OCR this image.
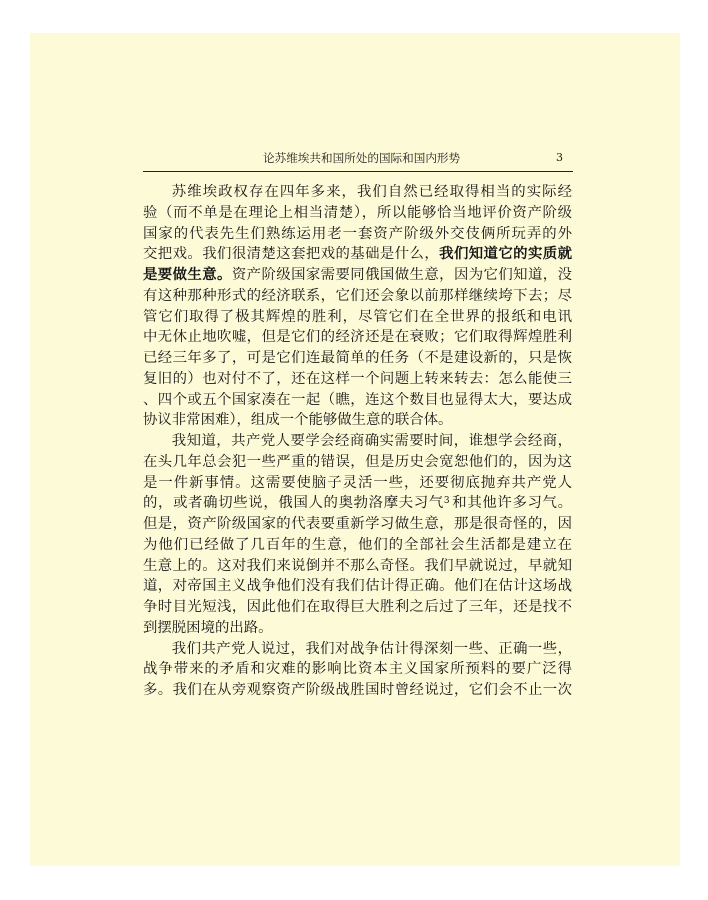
论苏维埃共和国所处的国际和国内形势	3
苏维埃政权存在四年多来，我们自然已经取得相当的实际经
验（而不单是在理论上相当清楚），所以能够恰当地评价资产阶级
国家的代表先生们熟练运用老一套资产阶级外交伎俩所玩弄的外
交把戏。我们很清楚这套把戏的基础是什么，我们知道它的实质就
是要做生意。资产阶级国家需要同俄国做生意，因为它们知道，没
有这种那种形式的经济联系，它们还会象以前那样继续垮下去；尽
管它们取得了极其辉煌的胜利，尽管它们在全世界的报纸和电讯
中无休止地吹嘘，但是它们的经济还是在衰败；它们取得辉煌胜利
已经三年多了，可是它们连最简单的任务（不是建设新的，只是恢
复旧的）也对付不了，还在这样一个问题上转来转去：怎么能使三
、四个或五个国家凑在一起（瞧，连这个数目也显得太大，要达成
协议非常困难），组成一个能够做生意的联合体。
我知道，共产党人要学会经商确实需要时间，谁想学会经商，
在头几年总会犯一些严重的错误，但是历史会宽恕他们的，因为这
是一件新事情。这需要使脑子灵活一些，还要彻底抛弃共产党人
的，或者确切些说，俄国人的奥勃洛摩夫习气$^3$ 和其他许多习气。
但是，资产阶级国家的代表要重新学习做生意，那是很奇怪的，因
为他们已经做了几百年的生意，他们的全部社会生活都是建立在
生意上的。这对我们来说倒并不那么奇怪。我们早就说过，早就知
道，对帝国主义战争他们没有我们估计得正确。他们在估计这场战
争时目光短浅，因此他们在取得巨大胜利之后过了三年，还是找不
到摆脱困境的出路。
我们共产党人说过，我们对战争估计得深刻一些、正确一些，
战争带来的矛盾和灾难的影响比资本主义国家所预料的要广泛得
多。我们在从旁观察资产阶级战胜国时曾经说过，它们会不止一次
